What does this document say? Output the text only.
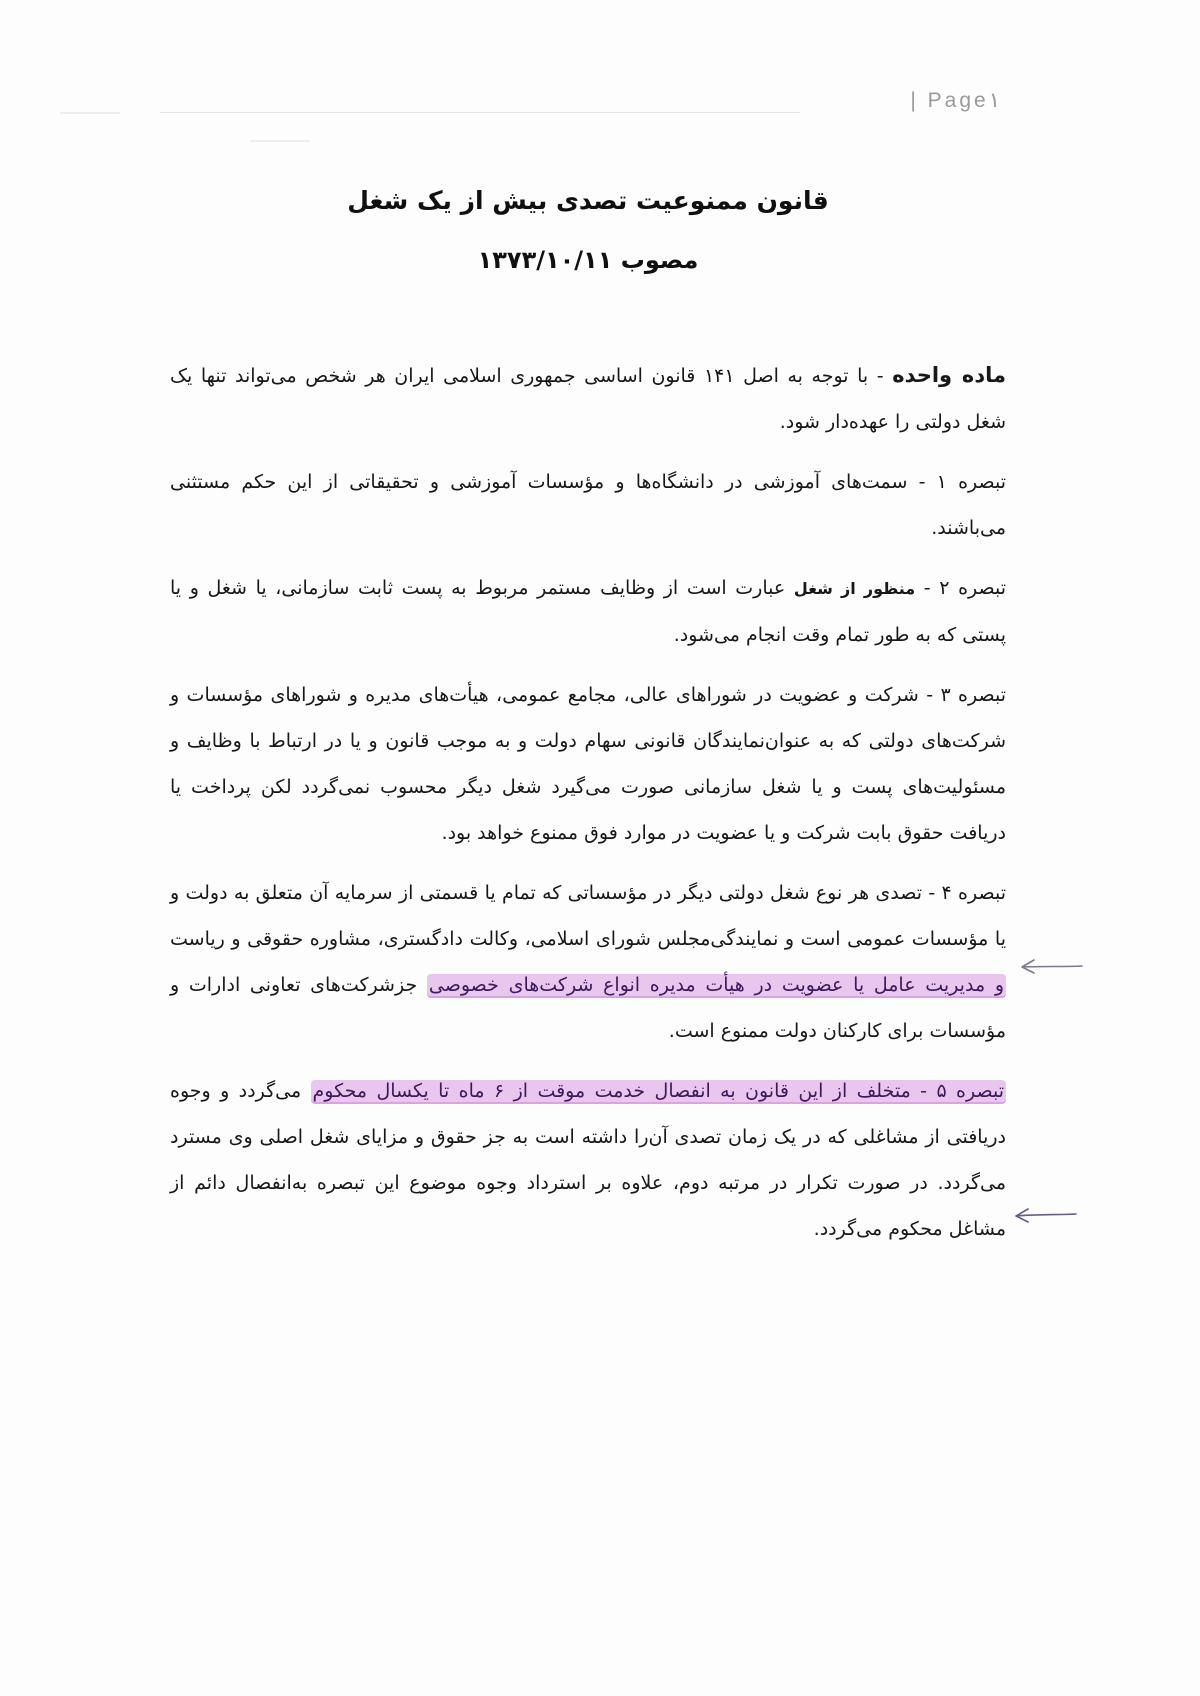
| Page۱
قانون ممنوعیت تصدی بیش از یک شغل
مصوب ۱۳۷۳/۱۰/۱۱

ماده واحده - با توجه به اصل ۱۴۱ قانون اساسی جمهوری اسلامی ایران هر شخص می‌تواند تنها یک شغل دولتی را عهده‌دار شود.

تبصره ۱ - سمت‌های آموزشی در دانشگاه‌ها و مؤسسات آموزشی و تحقیقاتی از این حکم مستثنی می‌باشند.

تبصره ۲ - منظور از شغل عبارت است از وظایف مستمر مربوط به پست ثابت سازمانی، یا شغل و یا پستی که به طور تمام وقت انجام می‌شود.

تبصره ۳ - شرکت و عضویت در شوراهای عالی، مجامع عمومی، هیأت‌های مدیره و شوراهای مؤسسات و شرکت‌های دولتی که به عنوان‌نمایندگان قانونی سهام دولت و به موجب قانون و یا در ارتباط با وظایف و مسئولیت‌های پست و یا شغل سازمانی صورت می‌گیرد شغل دیگر محسوب نمی‌گردد لکن پرداخت یا دریافت حقوق بابت شرکت و یا عضویت در موارد فوق ممنوع خواهد بود.

تبصره ۴ - تصدی هر نوع شغل دولتی دیگر در مؤسساتی که تمام یا قسمتی از سرمایه آن متعلق به دولت و یا مؤسسات عمومی است و نمایندگی‌مجلس شورای اسلامی، وکالت دادگستری، مشاوره حقوقی و ریاست و مدیریت عامل یا عضویت در هیأت مدیره انواع شرکت‌های خصوصی جزشرکت‌های تعاونی ادارات و مؤسسات برای کارکنان دولت ممنوع است.

تبصره ۵ - متخلف از این قانون به انفصال خدمت موقت از ۶ ماه تا یکسال محکوم می‌گردد و وجوه دریافتی از مشاغلی که در یک زمان تصدی آن‌را داشته است به جز حقوق و مزایای شغل اصلی وی مسترد می‌گردد. در صورت تکرار در مرتبه دوم، علاوه بر استرداد وجوه موضوع این تبصره به‌انفصال دائم از مشاغل محکوم می‌گردد.
